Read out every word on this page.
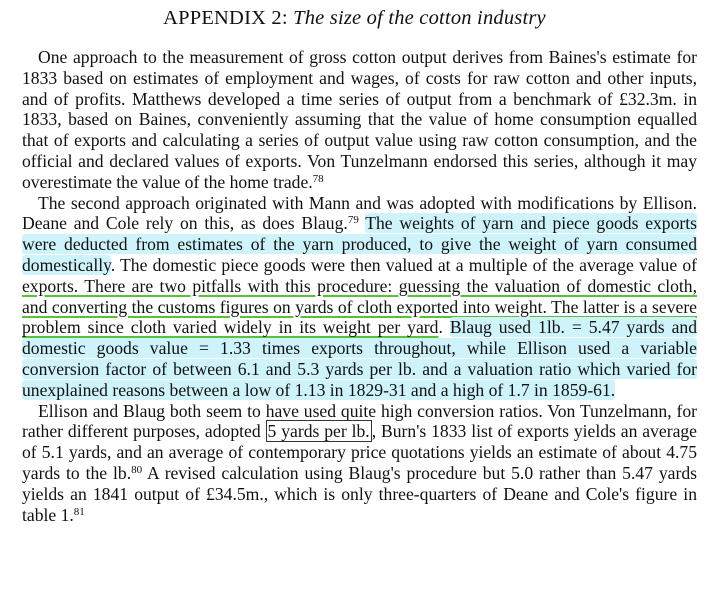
APPENDIX 2: The size of the cotton industry

One approach to the measurement of gross cotton output derives from Baines's estimate for 1833 based on estimates of employment and wages, of costs for raw cotton and other inputs, and of profits. Matthews developed a time series of output from a benchmark of £32.3m. in 1833, based on Baines, conveniently assuming that the value of home consumption equalled that of exports and calculating a series of output value using raw cotton consumption, and the official and declared values of exports. Von Tunzelmann endorsed this series, although it may overestimate the value of the home trade.$^{78}$

The second approach originated with Mann and was adopted with modifications by Ellison. Deane and Cole rely on this, as does Blaug.$^{79}$ The weights of yarn and piece goods exports were deducted from estimates of the yarn produced, to give the weight of yarn consumed domestically. The domestic piece goods were then valued at a multiple of the average value of exports. There are two pitfalls with this procedure: guessing the valuation of domestic cloth, and converting the customs figures on yards of cloth exported into weight. The latter is a severe problem since cloth varied widely in its weight per yard. Blaug used 1lb. = 5.47 yards and domestic goods value = 1.33 times exports throughout, while Ellison used a variable conversion factor of between 6.1 and 5.3 yards per lb. and a valuation ratio which varied for unexplained reasons between a low of 1.13 in 1829-31 and a high of 1.7 in 1859-61.

Ellison and Blaug both seem to have used quite high conversion ratios. Von Tunzelmann, for rather different purposes, adopted 5 yards per lb. , Burn's 1833 list of exports yields an average of 5.1 yards, and an average of contemporary price quotations yields an estimate of about 4.75 yards to the lb.$^{80}$ A revised calculation using Blaug's procedure but 5.0 rather than 5.47 yards yields an 1841 output of £34.5m., which is only three-quarters of Deane and Cole's figure in table 1.81
